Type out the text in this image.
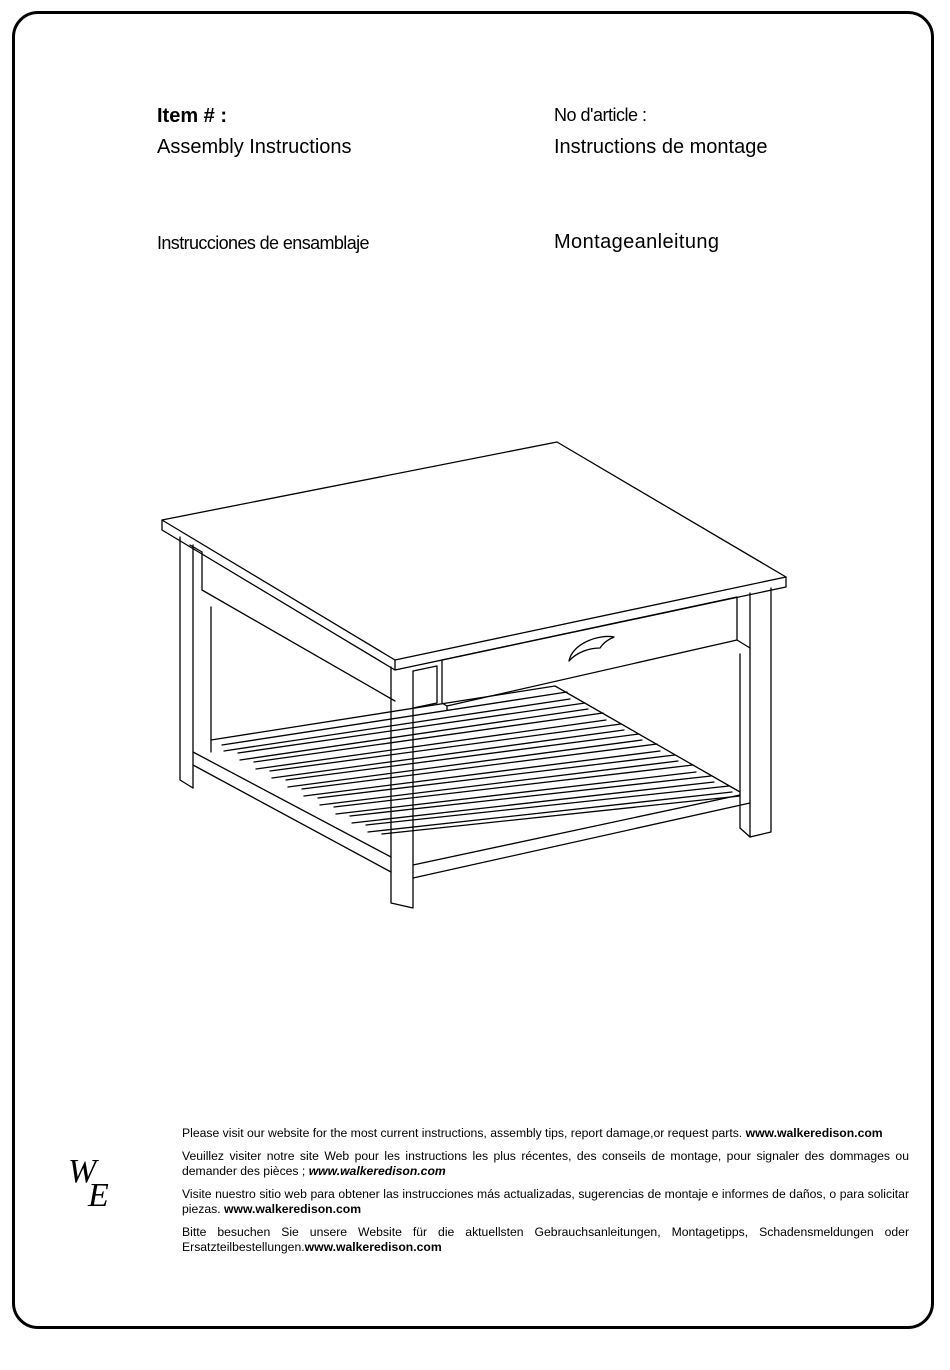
Item # :
Assembly Instructions
No d'article :
Instructions de montage
Instrucciones de ensamblaje	Montageanleitung
W
E

Please visit our website for the most current instructions, assembly tips, report damage,or request parts. www.walkeredison.com

Veuillez visiter notre site Web pour les instructions les plus récentes, des conseils de montage, pour signaler des dommages ou demander des pièces ; www.walkeredison.com

Visite nuestro sitio web para obtener las instrucciones más actualizadas, sugerencias de montaje e informes de daños, o para solicitar piezas. www.walkeredison.com

Bitte besuchen Sie unsere Website für die aktuellsten Gebrauchsanleitungen, Montagetipps, Schadensmeldungen oder Ersatzteilbestellungen.www.walkeredison.com
